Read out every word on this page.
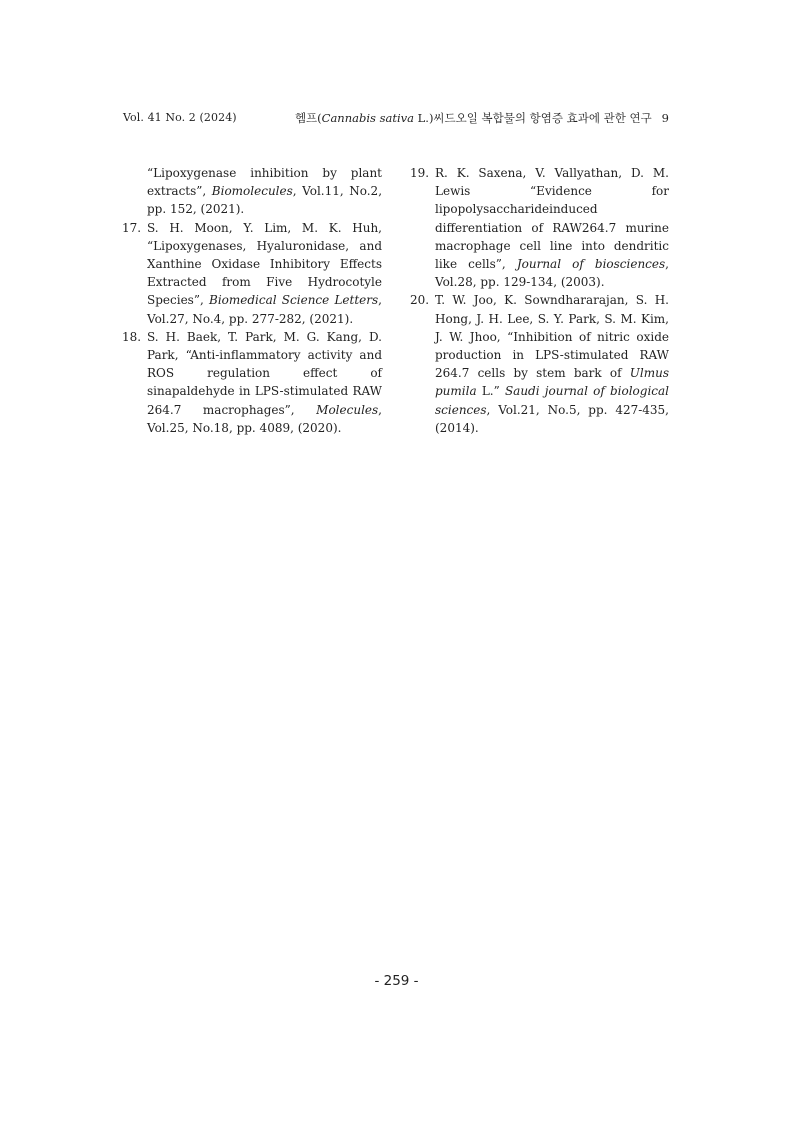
Vol. 41 No. 2 (2024)	헴프(Cannabis sativa L.)씨드오일 복합물의 항염증 효과에 관한 연구 9

“Lipoxygenase inhibition by plant extracts”, Biomolecules, Vol.11, No.2, pp. 152, (2021).

17. S. H. Moon, Y. Lim, M. K. Huh, “Lipoxygenases, Hyaluronidase, and Xanthine Oxidase Inhibitory Effects Extracted from Five Hydrocotyle Species”, Biomedical Science Letters, Vol.27, No.4, pp. 277-282, (2021).

18. S. H. Baek, T. Park, M. G. Kang, D. Park, “Anti-inflammatory activity and ROS regulation effect of sinapaldehyde in LPS-stimulated RAW 264.7 macrophages”, Molecules, Vol.25, No.18, pp. 4089, (2020).

19. R. K. Saxena, V. Vallyathan, D. M. Lewis “Evidence for lipopolysaccharideinduced differentiation of RAW264.7 murine macrophage cell line into dendritic like cells”, Journal of biosciences, Vol.28, pp. 129-134, (2003).

20. T. W. Joo, K. Sowndhararajan, S. H. Hong, J. H. Lee, S. Y. Park, S. M. Kim, J. W. Jhoo, “Inhibition of nitric oxide production in LPS-stimulated RAW 264.7 cells by stem bark of Ulmus pumila L.” Saudi journal of biological sciences, Vol.21, No.5, pp. 427-435, (2014).

- 259 -
